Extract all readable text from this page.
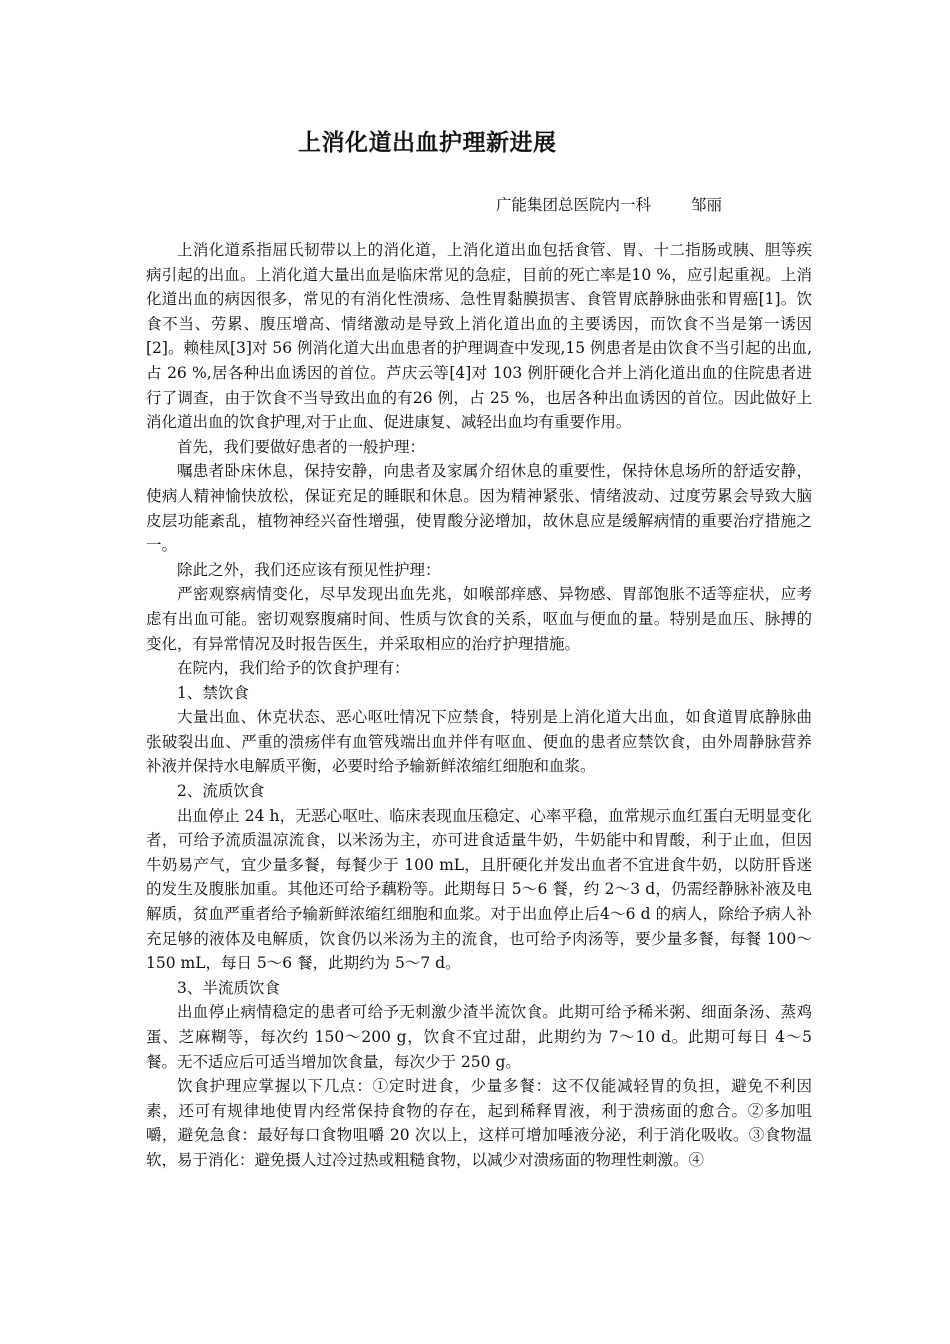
上消化道出血护理新进展
广能集团总医院内一科	邹丽

上消化道系指屈氏韧带以上的消化道，上消化道出血包括食管、胃、十二指肠或胰、胆等疾病引起的出血。上消化道大量出血是临床常见的急症，目前的死亡率是10 %，应引起重视。上消化道出血的病因很多，常见的有消化性溃疡、急性胃黏膜损害、食管胃底静脉曲张和胃癌[1]。饮食不当、劳累、腹压增高、情绪激动是导致上消化道出血的主要诱因，而饮食不当是第一诱因[2]。赖桂凤[3]对 56 例消化道大出血患者的护理调查中发现,15 例患者是由饮食不当引起的出血,占 26 %,居各种出血诱因的首位。芦庆云等[4]对 103 例肝硬化合并上消化道出血的住院患者进行了调查，由于饮食不当导致出血的有26 例，占 25 %，也居各种出血诱因的首位。因此做好上消化道出血的饮食护理,对于止血、促进康复、减轻出血均有重要作用。

首先，我们要做好患者的一般护理：

嘱患者卧床休息，保持安静，向患者及家属介绍休息的重要性，保持休息场所的舒适安静，使病人精神愉快放松，保证充足的睡眠和休息。因为精神紧张、情绪波动、过度劳累会导致大脑皮层功能紊乱，植物神经兴奋性增强，使胃酸分泌增加，故休息应是缓解病情的重要治疗措施之一。

除此之外，我们还应该有预见性护理：

严密观察病情变化，尽早发现出血先兆，如喉部痒感、异物感、胃部饱胀不适等症状，应考虑有出血可能。密切观察腹痛时间、性质与饮食的关系，呕血与便血的量。特别是血压、脉搏的变化，有异常情况及时报告医生，并采取相应的治疗护理措施。

在院内，我们给予的饮食护理有：

1、禁饮食

大量出血、休克状态、恶心呕吐情况下应禁食，特别是上消化道大出血，如食道胃底静脉曲张破裂出血、严重的溃疡伴有血管残端出血并伴有呕血、便血的患者应禁饮食，由外周静脉营养补液并保持水电解质平衡，必要时给予输新鲜浓缩红细胞和血浆。

2、流质饮食

出血停止 24 h，无恶心呕吐、临床表现血压稳定、心率平稳，血常规示血红蛋白无明显变化者，可给予流质温凉流食，以米汤为主，亦可进食适量牛奶，牛奶能中和胃酸，利于止血，但因牛奶易产气，宜少量多餐，每餐少于 100 mL，且肝硬化并发出血者不宜进食牛奶，以防肝昏迷的发生及腹胀加重。其他还可给予藕粉等。此期每日 5～6 餐，约 2～3 d，仍需经静脉补液及电解质，贫血严重者给予输新鲜浓缩红细胞和血浆。对于出血停止后4～6 d 的病人，除给予病人补充足够的液体及电解质，饮食仍以米汤为主的流食，也可给予肉汤等，要少量多餐，每餐 100～150 mL，每日 5～6 餐，此期约为 5～7 d。

3、半流质饮食

出血停止病情稳定的患者可给予无刺激少渣半流饮食。此期可给予稀米粥、细面条汤、蒸鸡蛋、芝麻糊等，每次约 150～200 g，饮食不宜过甜，此期约为 7～10 d。此期可每日 4～5 餐。无不适应后可适当增加饮食量，每次少于 250 g。

饮食护理应掌握以下几点：①定时进食，少量多餐：这不仅能减轻胃的负担，避免不利因素，还可有规律地使胃内经常保持食物的存在，起到稀释胃液，利于溃疡面的愈合。②多加咀嚼，避免急食：最好每口食物咀嚼 20 次以上，这样可增加唾液分泌，利于消化吸收。③食物温软，易于消化：避免摄人过冷过热或粗糙食物，以减少对溃疡面的物理性刺激。④
